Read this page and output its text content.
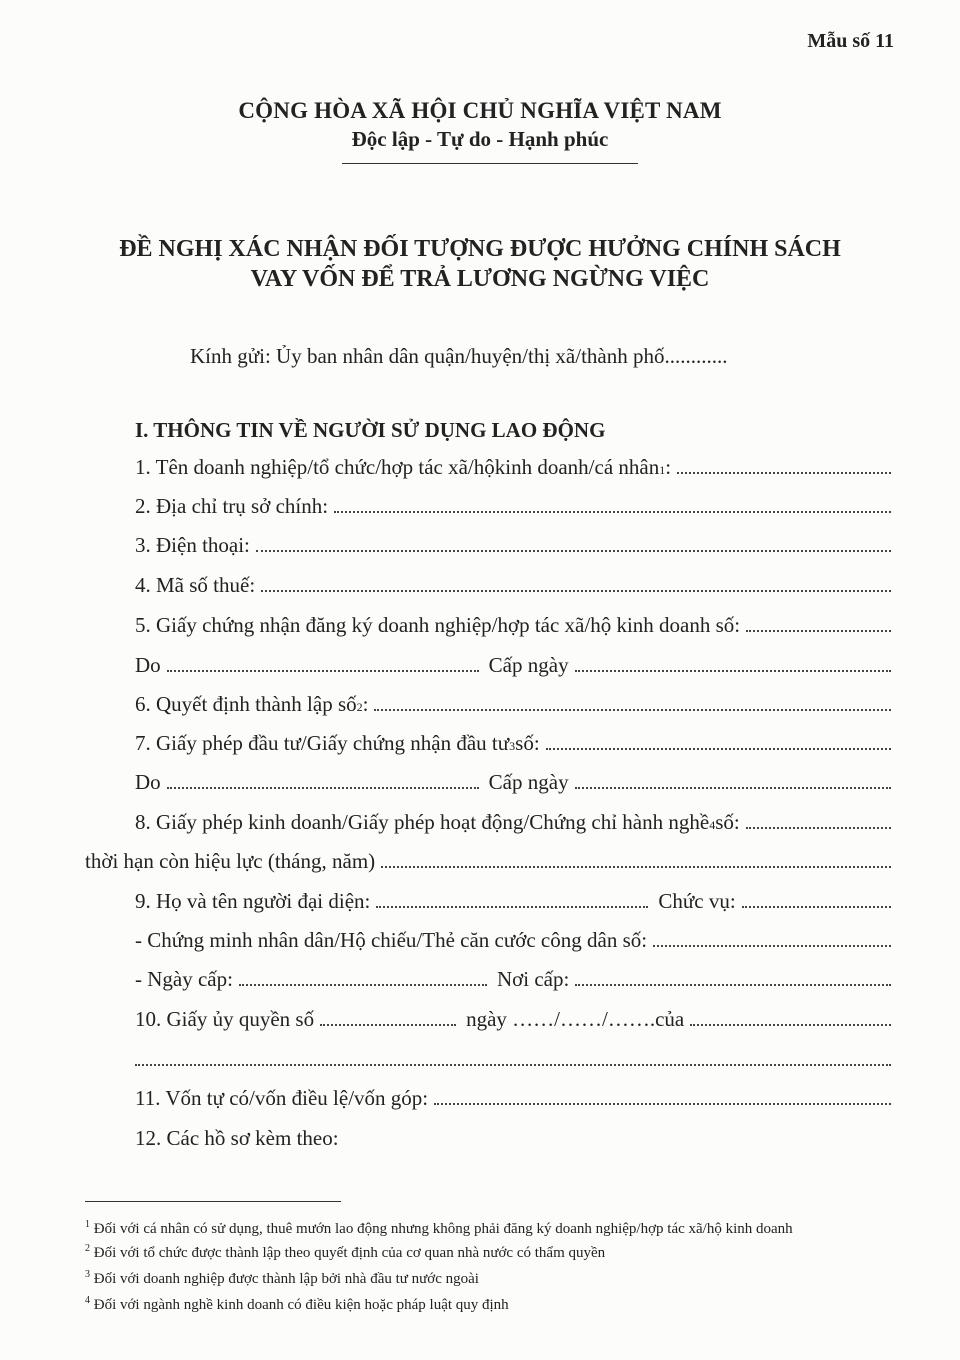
Mẫu số 11
CỘNG HÒA XÃ HỘI CHỦ NGHĨA VIỆT NAM
Độc lập - Tự do - Hạnh phúc
ĐỀ NGHỊ XÁC NHẬN ĐỐI TƯỢNG ĐƯỢC HƯỞNG CHÍNH SÁCH
VAY VỐN ĐỂ TRẢ LƯƠNG NGỪNG VIỆC
Kính gửi: Ủy ban nhân dân quận/huyện/thị xã/thành phố............
I. THÔNG TIN VỀ NGƯỜI SỬ DỤNG LAO ĐỘNG
1. Tên doanh nghiệp/tổ chức/hợp tác xã/hộkinh doanh/cá nhân 1 :
2. Địa chỉ trụ sở chính:
3. Điện thoại:
4. Mã số thuế:
5. Giấy chứng nhận đăng ký doanh nghiệp/hợp tác xã/hộ kinh doanh số:
Do	Cấp ngày
6. Quyết định thành lập số 2 :
7. Giấy phép đầu tư/Giấy chứng nhận đầu tư 3 số:
Do	Cấp ngày
8. Giấy phép kinh doanh/Giấy phép hoạt động/Chứng chỉ hành nghề 4 số:
thời hạn còn hiệu lực (tháng, năm)
9. Họ và tên người đại diện:	Chức vụ:
- Chứng minh nhân dân/Hộ chiếu/Thẻ căn cước công dân số:
- Ngày cấp:	Nơi cấp:
10. Giấy ủy quyền số	ngày ……/……/…….của
11. Vốn tự có/vốn điều lệ/vốn góp:
12. Các hồ sơ kèm theo:
$^1$ Đối với cá nhân có sử dụng, thuê mướn lao động nhưng không phải đăng ký doanh nghiệp/hợp tác xã/hộ kinh doanh
$^2$ Đối với tổ chức được thành lập theo quyết định của cơ quan nhà nước có thẩm quyền
$^3$ Đối với doanh nghiệp được thành lập bởi nhà đầu tư nước ngoài
$^4$ Đối với ngành nghề kinh doanh có điều kiện hoặc pháp luật quy định
